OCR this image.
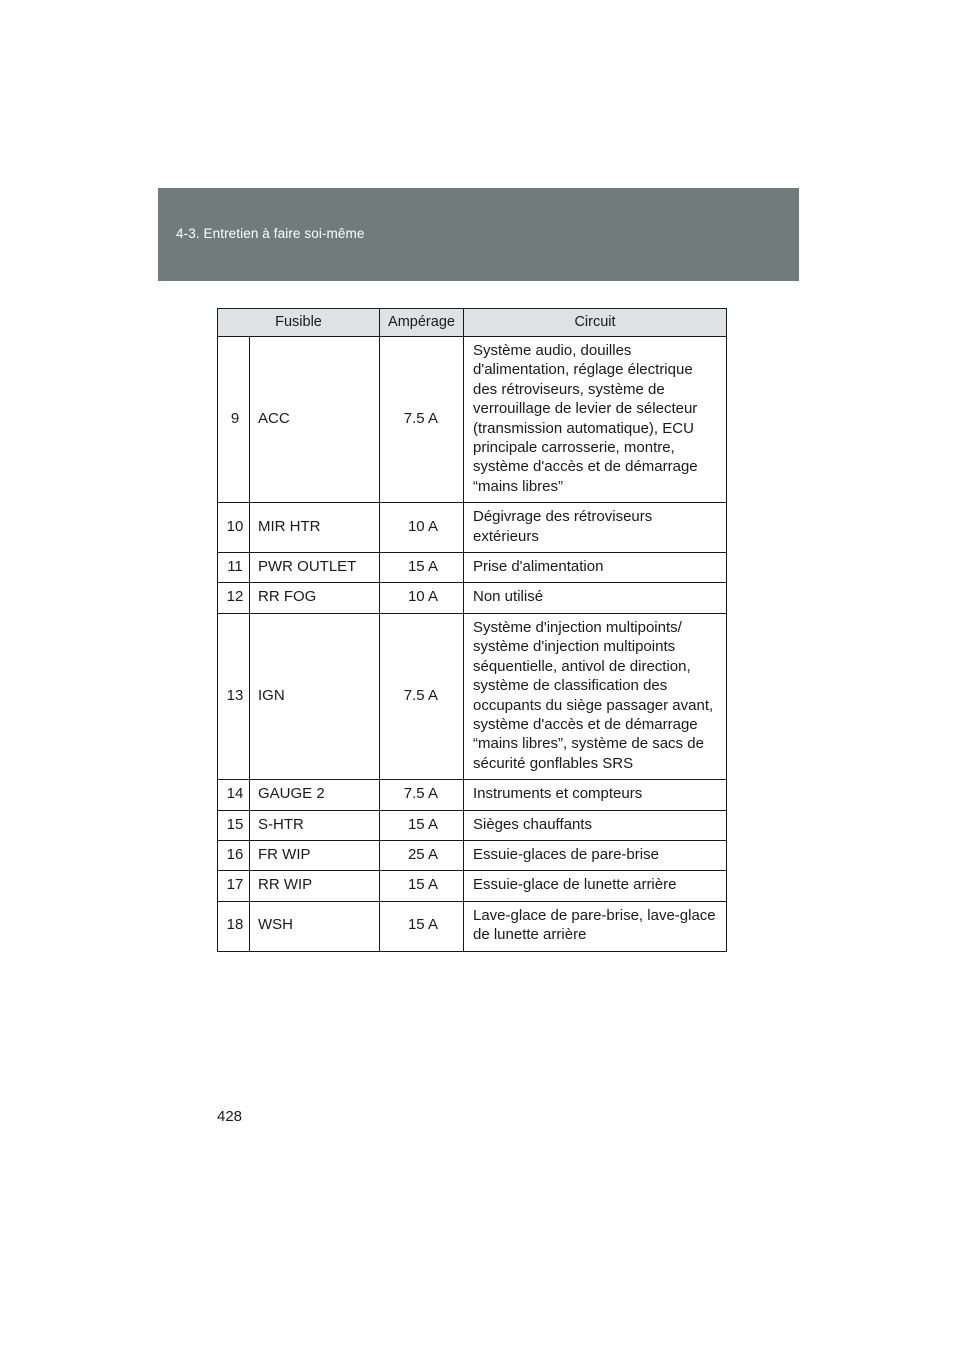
4-3. Entretien à faire soi-même
Fusible		Ampérage	Circuit
9	ACC	7.5 A	Système audio, douilles d'alimentation, réglage électrique des rétroviseurs, système de verrouillage de levier de sélecteur (transmission automatique), ECU principale carrosserie, montre, système d'accès et de démarrage “mains libres”
10	MIR HTR	10 A	Dégivrage des rétroviseurs extérieurs
11	PWR OUTLET	15 A	Prise d'alimentation
12	RR FOG	10 A	Non utilisé
13	IGN	7.5 A	Système d'injection multipoints/ système d'injection multipoints séquentielle, antivol de direction, système de classification des occupants du siège passager avant, système d'accès et de démarrage “mains libres”, système de sacs de sécurité gonflables SRS
14	GAUGE 2	7.5 A	Instruments et compteurs
15	S-HTR	15 A	Sièges chauffants
16	FR WIP	25 A	Essuie-glaces de pare-brise
17	RR WIP	15 A	Essuie-glace de lunette arrière
18	WSH	15 A	Lave-glace de pare-brise, lave-glace de lunette arrière
428
